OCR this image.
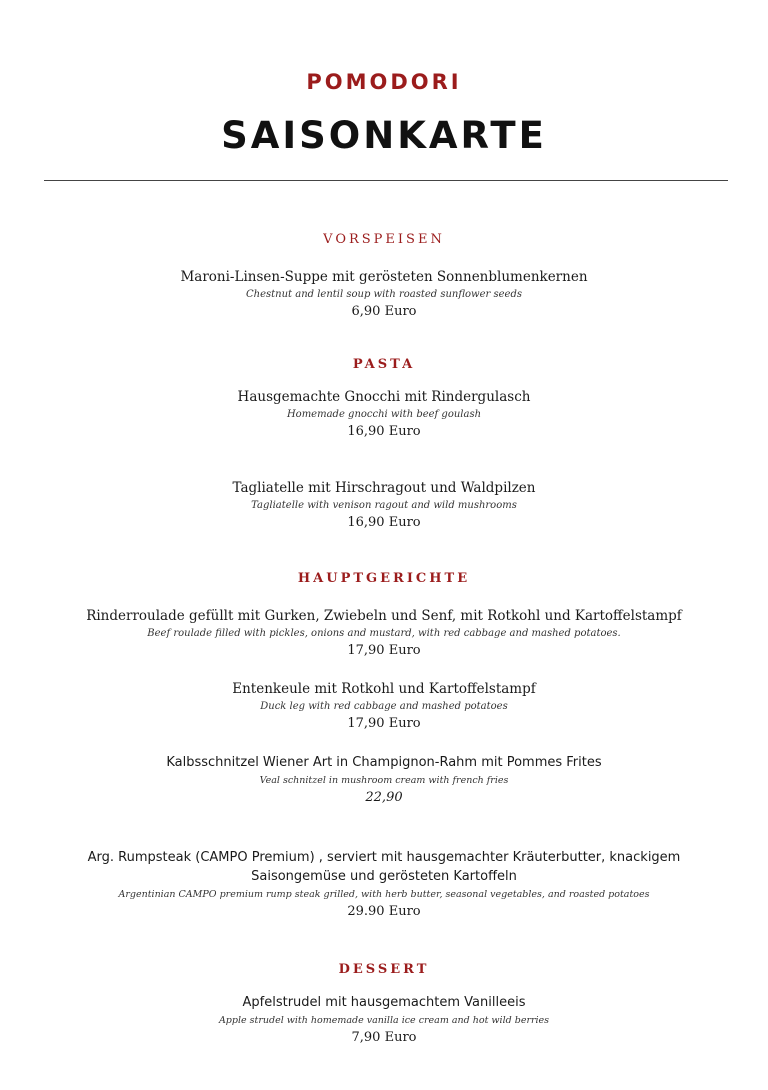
POMODORI
SAISONKARTE
VORSPEISEN
Maroni-Linsen-Suppe mit gerösteten Sonnenblumenkernen
Chestnut and lentil soup with roasted sunflower seeds
6,90 Euro
PASTA
Hausgemachte Gnocchi mit Rindergulasch
Homemade gnocchi with beef goulash
16,90 Euro
Tagliatelle mit Hirschragout und Waldpilzen
Tagliatelle with venison ragout and wild mushrooms
16,90 Euro
HAUPTGERICHTE
Rinderroulade gefüllt mit Gurken, Zwiebeln und Senf, mit Rotkohl und Kartoffelstampf
Beef roulade filled with pickles, onions and mustard, with red cabbage and mashed potatoes.
17,90 Euro
Entenkeule mit Rotkohl und Kartoffelstampf
Duck leg with red cabbage and mashed potatoes
17,90 Euro
Kalbsschnitzel Wiener Art in Champignon-Rahm mit Pommes Frites
Veal schnitzel in mushroom cream with french fries
22,90
Arg. Rumpsteak (CAMPO Premium) , serviert mit hausgemachter Kräuterbutter, knackigem Saisongemüse und gerösteten Kartoffeln
Argentinian CAMPO premium rump steak grilled, with herb butter, seasonal vegetables, and roasted potatoes
29.90 Euro
DESSERT
Apfelstrudel mit hausgemachtem Vanilleeis
Apple strudel with homemade vanilla ice cream and hot wild berries
7,90 Euro
